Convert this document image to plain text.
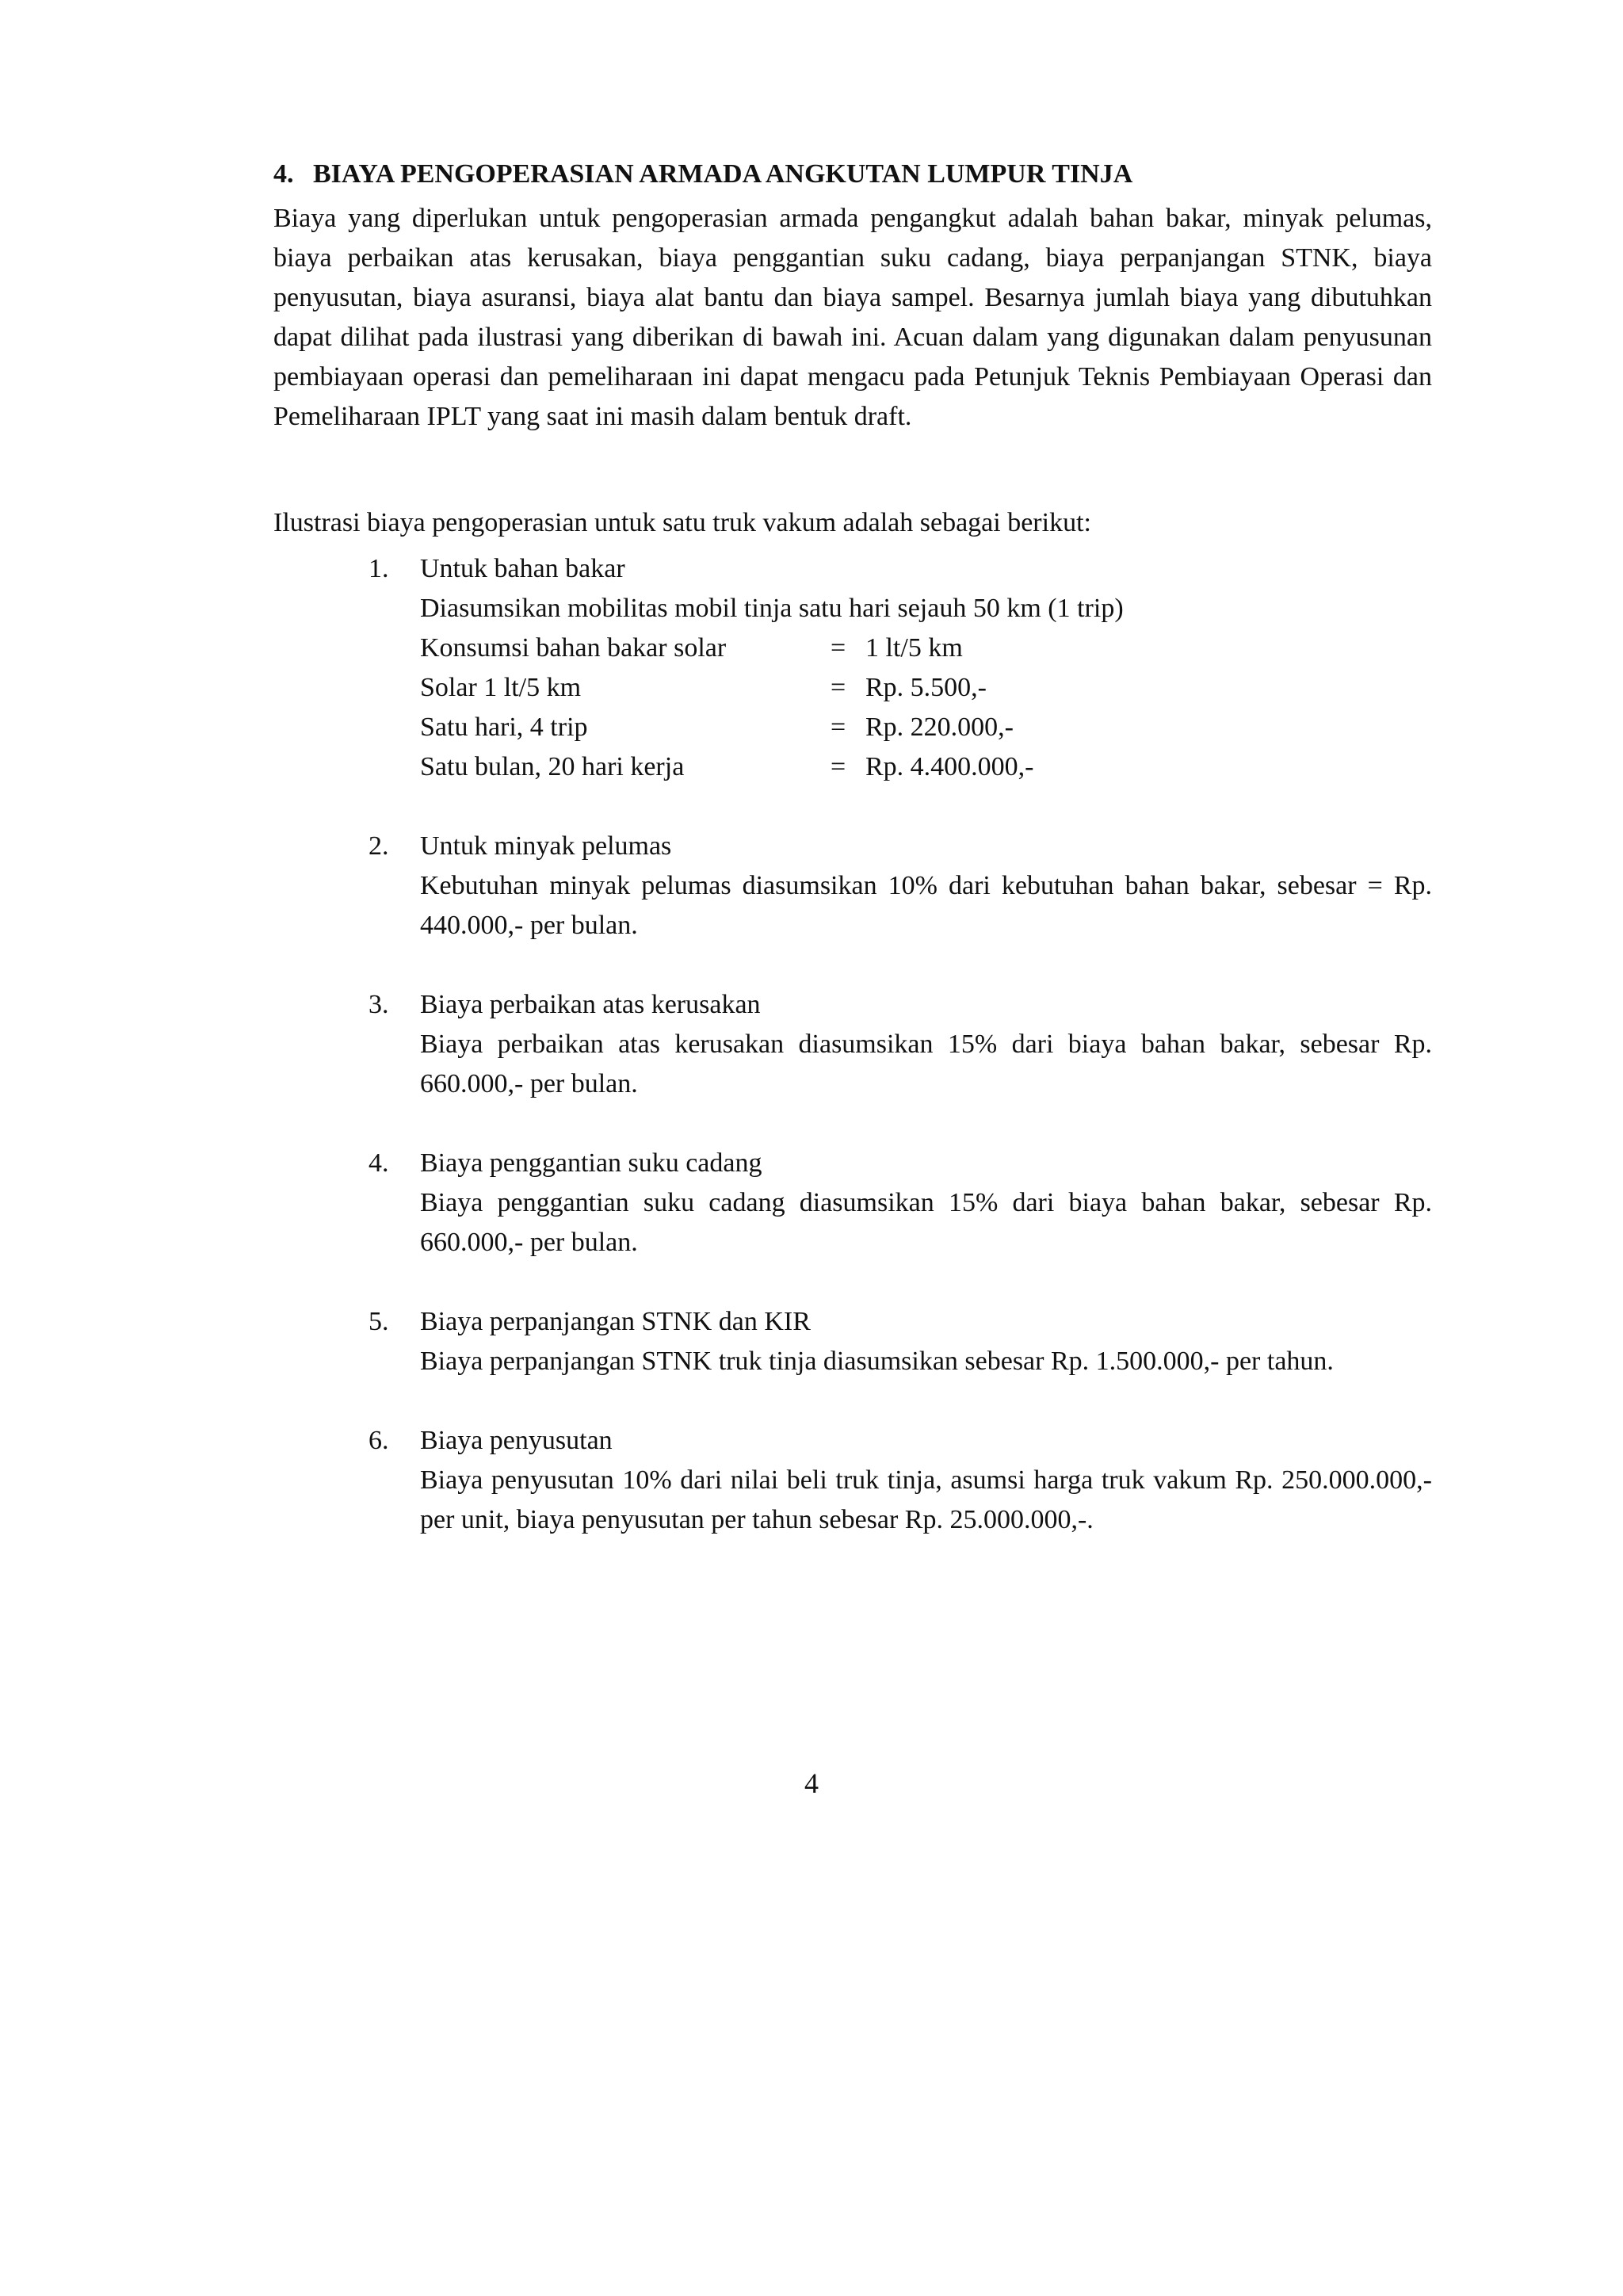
4. BIAYA PENGOPERASIAN ARMADA ANGKUTAN LUMPUR TINJA

Biaya yang diperlukan untuk pengoperasian armada pengangkut adalah bahan bakar, minyak pelumas, biaya perbaikan atas kerusakan, biaya penggantian suku cadang, biaya perpanjangan STNK, biaya penyusutan, biaya asuransi, biaya alat bantu dan biaya sampel. Besarnya jumlah biaya yang dibutuhkan dapat dilihat pada ilustrasi yang diberikan di bawah ini. Acuan dalam yang digunakan dalam penyusunan pembiayaan operasi dan pemeliharaan ini dapat mengacu pada Petunjuk Teknis Pembiayaan Operasi dan Pemeliharaan IPLT yang saat ini masih dalam bentuk draft.

Ilustrasi biaya pengoperasian untuk satu truk vakum adalah sebagai berikut:

1. Untuk bahan bakar
Diasumsikan mobilitas mobil tinja satu hari sejauh 50 km (1 trip)
Konsumsi bahan bakar solar	= 1 lt/5 km
Solar 1 lt/5 km	= Rp. 5.500,-
Satu hari, 4 trip	= Rp. 220.000,-
Satu bulan, 20 hari kerja	= Rp. 4.400.000,-
2. Untuk minyak pelumas
Kebutuhan minyak pelumas diasumsikan 10% dari kebutuhan bahan bakar, sebesar = Rp. 440.000,- per bulan.
3. Biaya perbaikan atas kerusakan
Biaya perbaikan atas kerusakan diasumsikan 15% dari biaya bahan bakar, sebesar Rp. 660.000,- per bulan.
4. Biaya penggantian suku cadang
Biaya penggantian suku cadang diasumsikan 15% dari biaya bahan bakar, sebesar Rp. 660.000,- per bulan.
5. Biaya perpanjangan STNK dan KIR
Biaya perpanjangan STNK truk tinja diasumsikan sebesar Rp. 1.500.000,- per tahun.
6. Biaya penyusutan
Biaya penyusutan 10% dari nilai beli truk tinja, asumsi harga truk vakum Rp. 250.000.000,- per unit, biaya penyusutan per tahun sebesar Rp. 25.000.000,-.
4
